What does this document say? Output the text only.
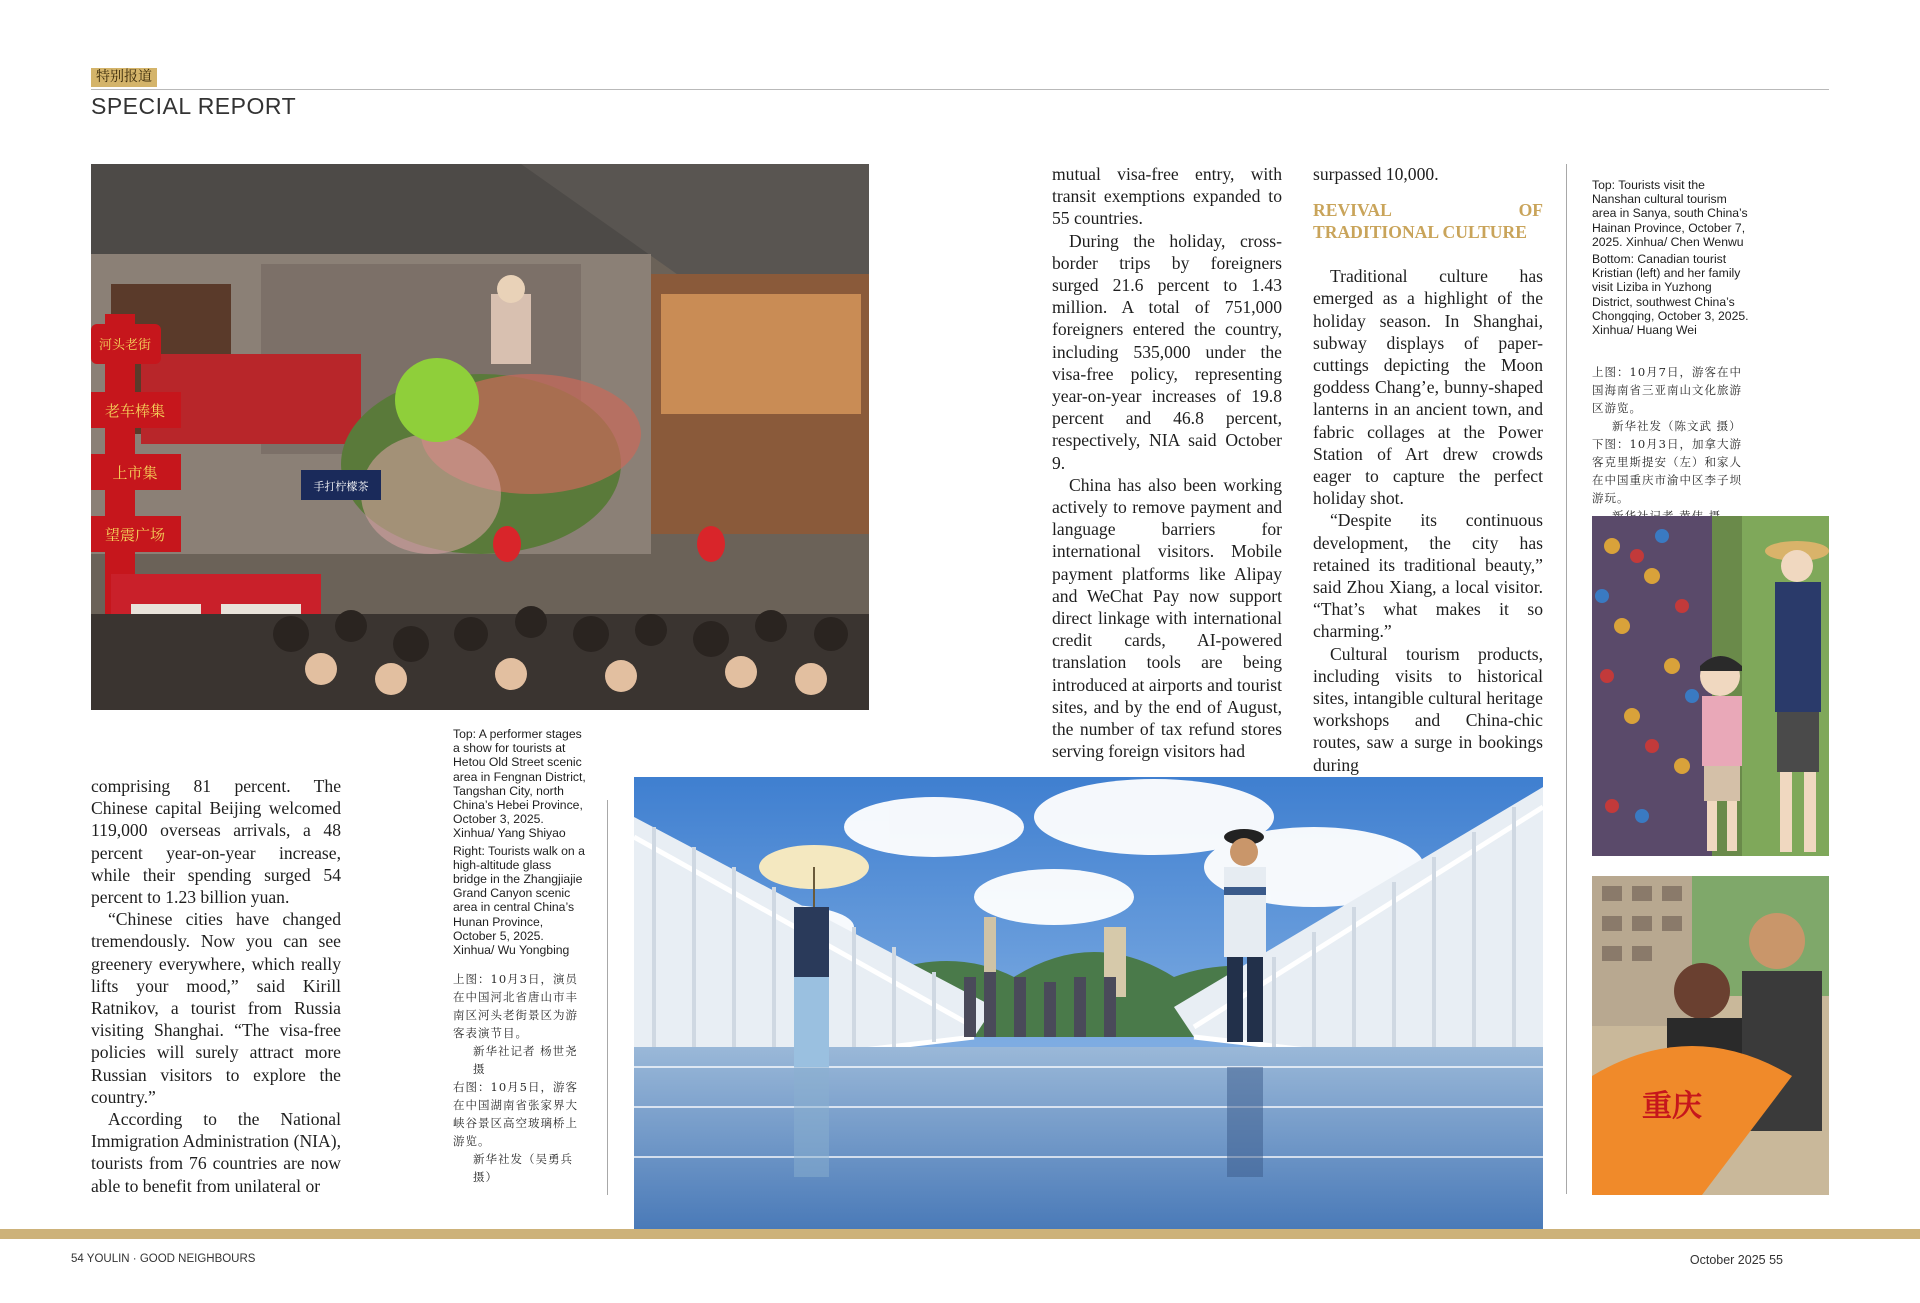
特别报道
SPECIAL REPORT
河头老街
老车棒集
上市集
望震广场
手打柠檬茶

mutual visa-free entry, with transit exemptions expanded to 55 countries.

During the holiday, cross-border trips by foreigners surged 21.6 percent to 1.43 million. A total of 751,000 foreigners entered the country, including 535,000 under the visa-free policy, representing year-on-year increases of 19.8 percent and 46.8 percent, respectively, NIA said October 9.

China has also been working actively to remove payment and language barriers for international visitors. Mobile payment platforms like Alipay and WeChat Pay now support direct linkage with international credit cards, AI-powered translation tools are being introduced at airports and tourist sites, and by the end of August, the number of tax refund stores serving foreign visitors had

surpassed 10,000.

REVIVAL OF TRADITIONAL CULTURE

Traditional culture has emerged as a highlight of the holiday season. In Shanghai, subway displays of paper-cuttings depicting the Moon goddess Chang’e, bunny-shaped lanterns in an ancient town, and fabric collages at the Power Station of Art drew crowds eager to capture the perfect holiday shot.

“Despite its continuous development, the city has retained its traditional beauty,” said Zhou Xiang, a local visitor. “That’s what makes it so charming.”

Cultural tourism products, including visits to historical sites, intangible cultural heritage workshops and China-chic routes, saw a surge in bookings during

Top: Tourists visit the Nanshan cultural tourism area in Sanya, south China’s Hainan Province, October 7, 2025. Xinhua/ Chen Wenwu

Bottom: Canadian tourist Kristian (left) and her family visit Liziba in Yuzhong District, southwest China’s Chongqing, October 3, 2025. Xinhua/ Huang Wei

上图：10月7日，游客在中国海南省三亚南山文化旅游区游览。

新华社发（陈文武 摄）

下图：10月3日，加拿大游客克里斯提安（左）和家人在中国重庆市渝中区李子坝游玩。

重庆

comprising 81 percent. The Chinese capital Beijing welcomed 119,000 overseas arrivals, a 48 percent year-on-year increase, while their spending surged 54 percent to 1.23 billion yuan.

“Chinese cities have changed tremendously. Now you can see greenery everywhere, which really lifts your mood,” said Kirill Ratnikov, a tourist from Russia visiting Shanghai. “The visa-free policies will surely attract more Russian visitors to explore the country.”

According to the National Immigration Administration (NIA), tourists from 76 countries are now able to benefit from unilateral or

Top: A performer stages a show for tourists at Hetou Old Street scenic area in Fengnan District, Tangshan City, north China’s Hebei Province, October 3, 2025. Xinhua/ Yang Shiyao

Right: Tourists walk on a high-altitude glass bridge in the Zhangjiajie Grand Canyon scenic area in central China’s Hunan Province, October 5, 2025. Xinhua/ Wu Yongbing

上图：10月3日，演员在中国河北省唐山市丰南区河头老街景区为游客表演节目。

新华社记者 杨世尧 摄

右图：10月5日，游客在中国湖南省张家界大峡谷景区高空玻璃桥上游览。

新华社发（吴勇兵 摄）

54 YOULIN · GOOD NEIGHBOURS	October 2025 55
